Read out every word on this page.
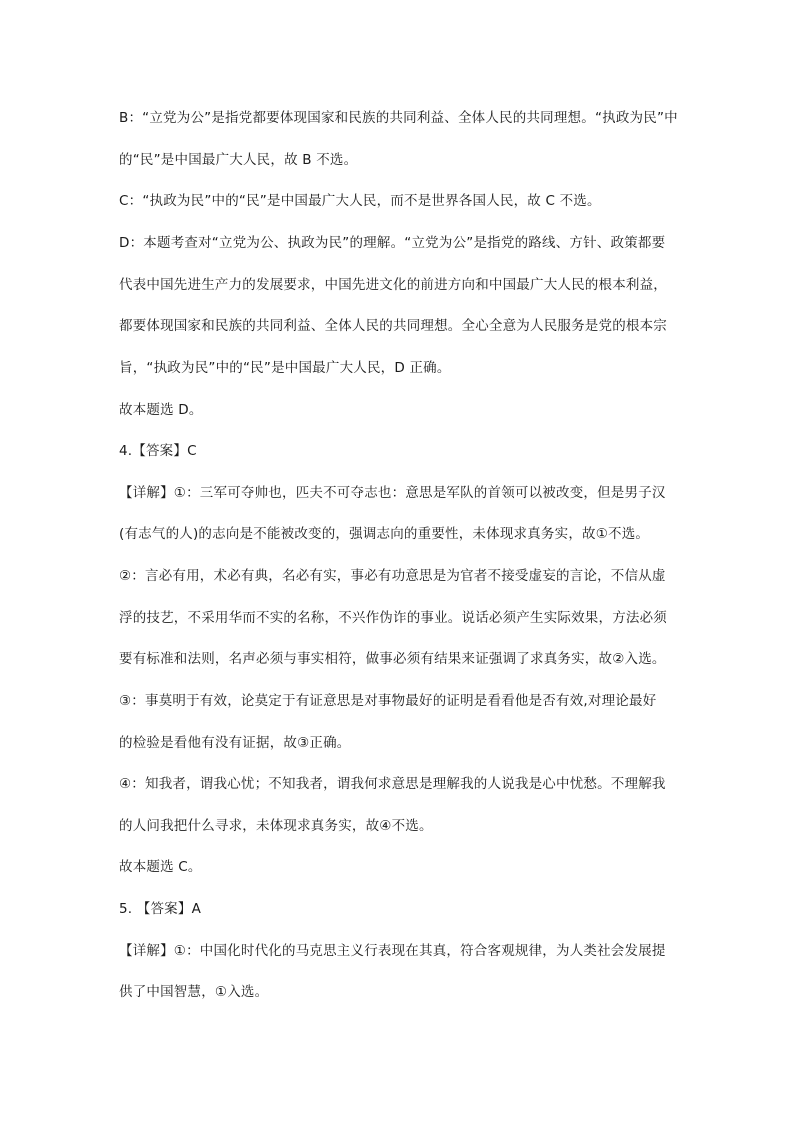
B：“立党为公”是指党都要体现国家和民族的共同利益、全体人民的共同理想。“执政为民”中
的“民”是中国最广大人民，故 B 不选。
C：“执政为民”中的“民”是中国最广大人民，而不是世界各国人民，故 C 不选。
D：本题考查对“立党为公、执政为民”的理解。“立党为公”是指党的路线、方针、政策都要
代表中国先进生产力的发展要求，中国先进文化的前进方向和中国最广大人民的根本利益，
都要体现国家和民族的共同利益、全体人民的共同理想。全心全意为人民服务是党的根本宗
旨，“执政为民”中的“民”是中国最广大人民，D 正确。
故本题选 D。
4.【答案】C
【详解】①：三军可夺帅也，匹夫不可夺志也：意思是军队的首领可以被改变，但是男子汉
(有志气的人)的志向是不能被改变的，强调志向的重要性，未体现求真务实，故①不选。
②：言必有用，术必有典，名必有实，事必有功意思是为官者不接受虚妄的言论，不信从虚
浮的技艺，不采用华而不实的名称，不兴作伪诈的事业。说话必须产生实际效果，方法必须
要有标准和法则，名声必须与事实相符，做事必须有结果来证强调了求真务实，故②入选。
③：事莫明于有效，论莫定于有证意思是对事物最好的证明是看看他是否有效,对理论最好
的检验是看他有没有证据，故③正确。
④：知我者，谓我心忧；不知我者，谓我何求意思是理解我的人说我是心中忧愁。不理解我
的人问我把什么寻求，未体现求真务实，故④不选。
故本题选 C。
5. 【答案】A
【详解】①：中国化时代化的马克思主义行表现在其真，符合客观规律，为人类社会发展提
供了中国智慧，①入选。
